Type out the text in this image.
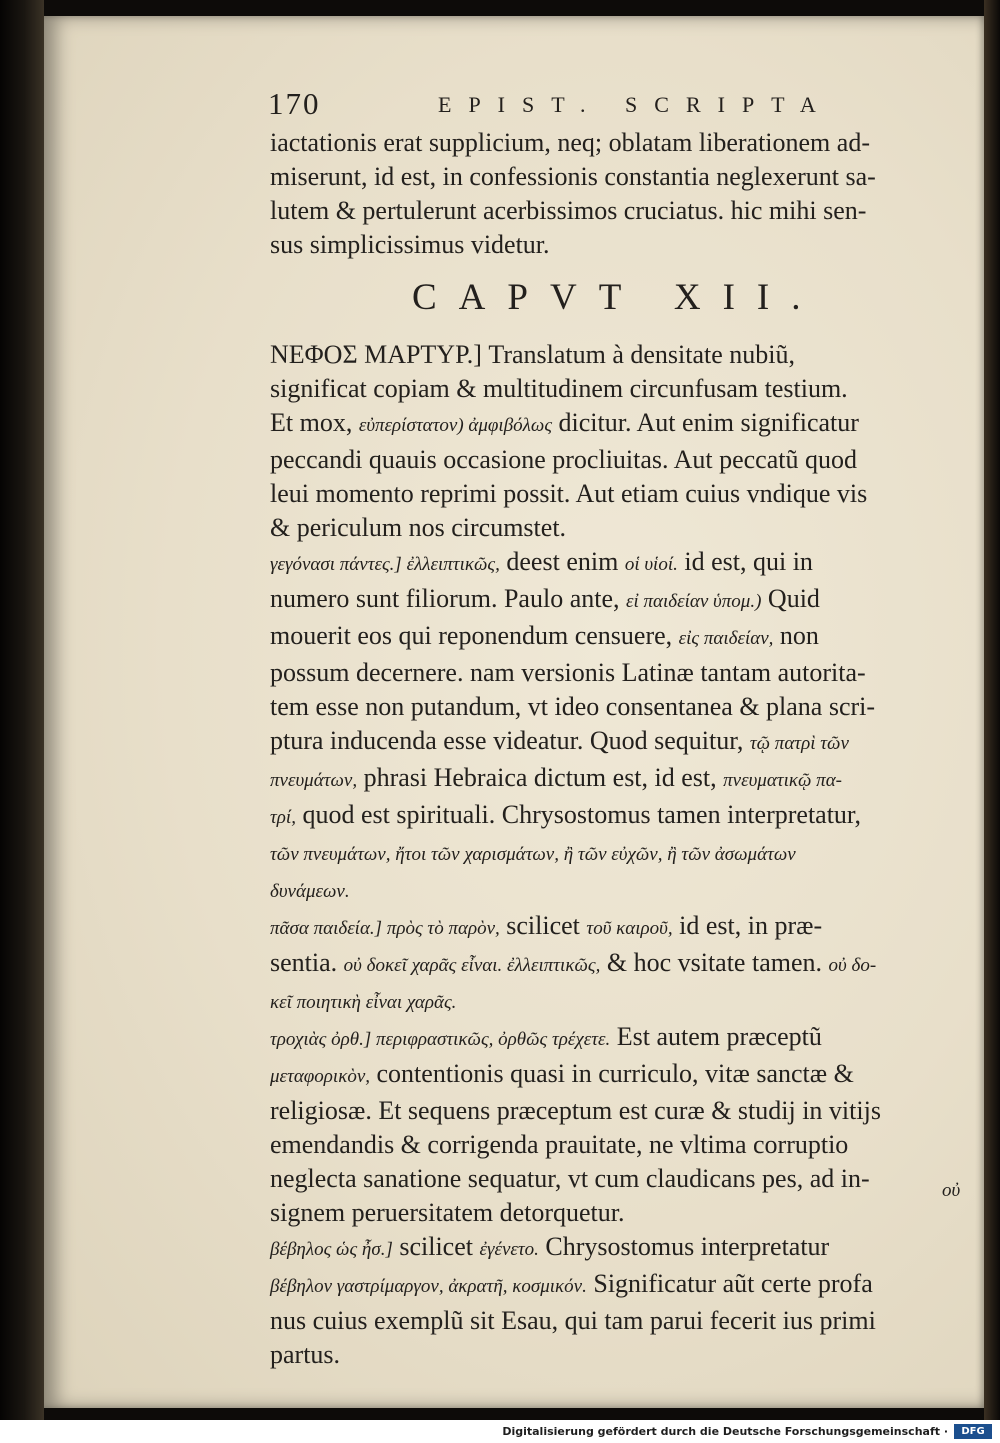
170	EPIST. SCRIPTA
iactationis erat supplicium, neq; oblatam liberationem ad-
miserunt, id est, in confessionis constantia neglexerunt sa-
lutem & pertulerunt acerbissimos cruciatus. hic mihi sen-
sus simplicissimus videtur.
CAPVT XII.
ΝΕΦΟΣ ΜΑΡΤΥΡ.] Translatum à densitate nubiũ,
significat copiam & multitudinem circunfusam testium.
Et mox, εὐπερίστατον) ἀμφιβόλως dicitur. Aut enim significatur
peccandi quauis occasione procliuitas. Aut peccatũ quod
leui momento reprimi possit. Aut etiam cuius vndique vis
& periculum nos circumstet.
γεγόνασι πάντες.] ἐλλειπτικῶς, deest enim οἱ υἱοί. id est, qui in
numero sunt filiorum. Paulo ante, εἰ παιδείαν ὑπομ.) Quid
mouerit eos qui reponendum censuere, εἰς παιδείαν, non
possum decernere. nam versionis Latinæ tantam autorita-
tem esse non putandum, vt ideo consentanea & plana scri-
ptura inducenda esse videatur. Quod sequitur, τῷ πατρὶ τῶν
πνευμάτων, phrasi Hebraica dictum est, id est, πνευματικῷ πα-
τρί, quod est spirituali. Chrysostomus tamen interpretatur,
τῶν πνευμάτων, ἤτοι τῶν χαρισμάτων, ἢ τῶν εὐχῶν, ἢ τῶν ἀσωμάτων
δυνάμεων.
πᾶσα παιδεία.] πρὸς τὸ παρὸν, scilicet τοῦ καιροῦ, id est, in præ-
sentia. οὐ δοκεῖ χαρᾶς εἶναι. ἐλλειπτικῶς, & hoc vsitate tamen. οὐ δο-
κεῖ ποιητικὴ εἶναι χαρᾶς.
τροχιὰς ὀρθ.] περιφραστικῶς, ὀρθῶς τρέχετε. Est autem præceptũ
μεταφορικὸν, contentionis quasi in curriculo, vitæ sanctæ &
religiosæ. Et sequens præceptum est curæ & studij in vitijs
emendandis & corrigenda prauitate, ne vltima corruptio
neglecta sanatione sequatur, vt cum claudicans pes, ad in-
signem peruersitatem detorquetur.
βέβηλος ὡς ἦσ.] scilicet ἐγένετο. Chrysostomus interpretatur
βέβηλον γαστρίμαργον, ἀκρατῆ, κοσμικόν. Significatur aũt certe profa
nus cuius exemplũ sit Esau, qui tam parui fecerit ius primi
partus.
οὐ
Digitalisierung gefördert durch die Deutsche Forschungsgemeinschaft ·	DFG
